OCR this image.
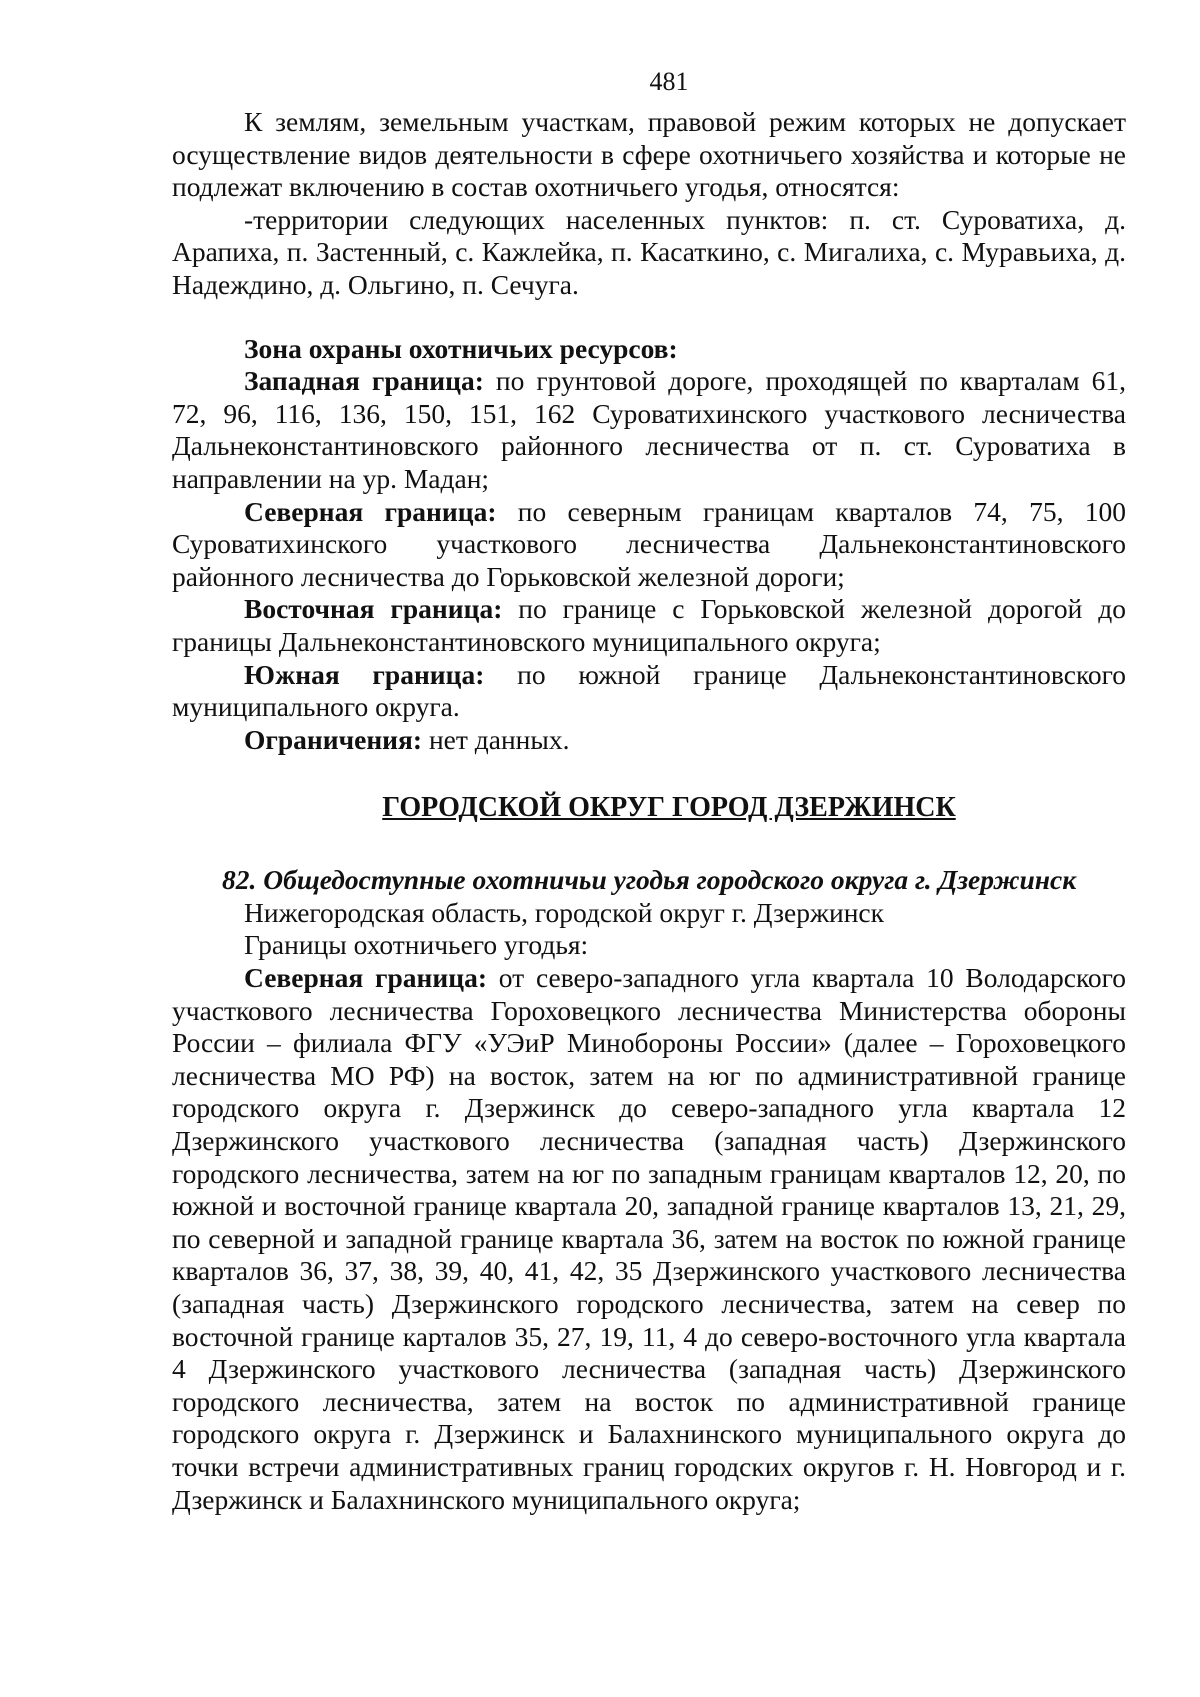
481

К землям, земельным участкам, правовой режим которых не допускает осуществление видов деятельности в сфере охотничьего хозяйства и которые не подлежат включению в состав охотничьего угодья, относятся:

-территории следующих населенных пунктов: п. ст. Суроватиха, д. Арапиха, п. Застенный, с. Кажлейка, п. Касаткино, с. Мигалиха, с. Муравьиха, д. Надеждино, д. Ольгино, п. Сечуга.

Зона охраны охотничьих ресурсов:

Западная граница: по грунтовой дороге, проходящей по кварталам 61, 72, 96, 116, 136, 150, 151, 162 Суроватихинского участкового лесничества Дальнеконстантиновского районного лесничества от п. ст. Суроватиха в направлении на ур. Мадан;

Северная граница: по северным границам кварталов 74, 75, 100 Суроватихинского участкового лесничества Дальнеконстантиновского районного лесничества до Горьковской железной дороги;

Восточная граница: по границе с Горьковской железной дорогой до границы Дальнеконстантиновского муниципального округа;

Южная граница: по южной границе Дальнеконстантиновского муниципального округа.

Ограничения: нет данных.

ГОРОДСКОЙ ОКРУГ ГОРОД ДЗЕРЖИНСК

82. Общедоступные охотничьи угодья городского округа г. Дзержинск

Нижегородская область, городской округ г. Дзержинск

Границы охотничьего угодья:

Северная граница: от северо-западного угла квартала 10 Володарского участкового лесничества Гороховецкого лесничества Министерства обороны России – филиала ФГУ «УЭиР Минобороны России» (далее – Гороховецкого лесничества МО РФ) на восток, затем на юг по административной границе городского округа г. Дзержинск до северо-западного угла квартала 12 Дзержинского участкового лесничества (западная часть) Дзержинского городского лесничества, затем на юг по западным границам кварталов 12, 20, по южной и восточной границе квартала 20, западной границе кварталов 13, 21, 29, по северной и западной границе квартала 36, затем на восток по южной границе кварталов 36, 37, 38, 39, 40, 41, 42, 35 Дзержинского участкового лесничества (западная часть) Дзержинского городского лесничества, затем на север по восточной границе карталов 35, 27, 19, 11, 4 до северо-восточного угла квартала 4 Дзержинского участкового лесничества (западная часть) Дзержинского городского лесничества, затем на восток по административной границе городского округа г. Дзержинск и Балахнинского муниципального округа до точки встречи административных границ городских округов г. Н. Новгород и г. Дзержинск и Балахнинского муниципального округа;
